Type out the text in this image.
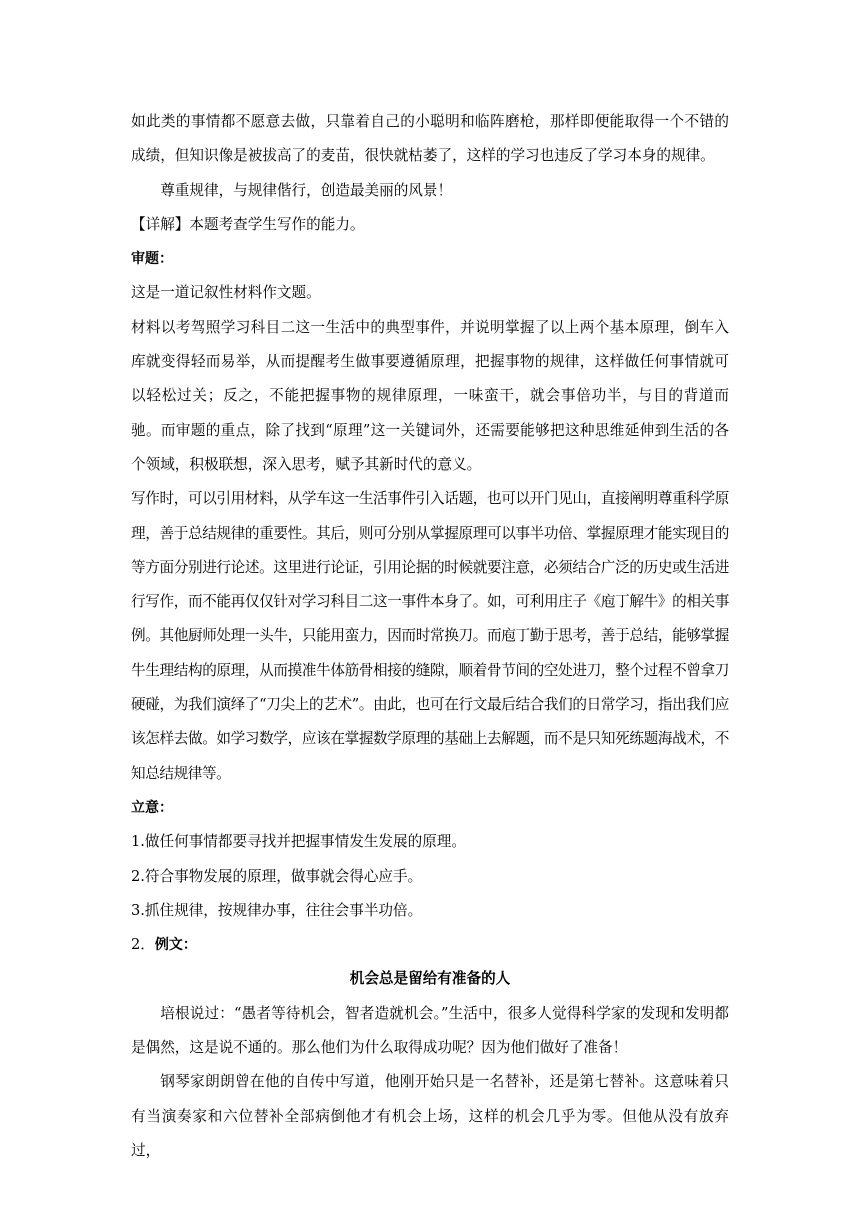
如此类的事情都不愿意去做，只靠着自己的小聪明和临阵磨枪，那样即便能取得一个不错的成绩，但知识像是被拔高了的麦苗，很快就枯萎了，这样的学习也违反了学习本身的规律。

尊重规律，与规律偕行，创造最美丽的风景！

【详解】本题考查学生写作的能力。

审题：

这是一道记叙性材料作文题。

材料以考驾照学习科目二这一生活中的典型事件，并说明掌握了以上两个基本原理，倒车入库就变得轻而易举，从而提醒考生做事要遵循原理，把握事物的规律，这样做任何事情就可以轻松过关；反之，不能把握事物的规律原理，一味蛮干，就会事倍功半，与目的背道而驰。而审题的重点，除了找到“原理”这一关键词外，还需要能够把这种思维延伸到生活的各个领域，积极联想，深入思考，赋予其新时代的意义。

写作时，可以引用材料，从学车这一生活事件引入话题，也可以开门见山，直接阐明尊重科学原理，善于总结规律的重要性。其后，则可分别从掌握原理可以事半功倍、掌握原理才能实现目的等方面分别进行论述。这里进行论证，引用论据的时候就要注意，必须结合广泛的历史或生活进行写作，而不能再仅仅针对学习科目二这一事件本身了。如，可利用庄子《庖丁解牛》的相关事例。其他厨师处理一头牛，只能用蛮力，因而时常换刀。而庖丁勤于思考，善于总结，能够掌握牛生理结构的原理，从而摸准牛体筋骨相接的缝隙，顺着骨节间的空处进刀，整个过程不曾拿刀硬碰，为我们演绎了“刀尖上的艺术”。由此，也可在行文最后结合我们的日常学习，指出我们应该怎样去做。如学习数学，应该在掌握数学原理的基础上去解题，而不是只知死练题海战术，不知总结规律等。

立意：

1.做任何事情都要寻找并把握事情发生发展的原理。

2.符合事物发展的原理，做事就会得心应手。

3.抓住规律，按规律办事，往往会事半功倍。

2．例文：

机会总是留给有准备的人

培根说过：“愚者等待机会，智者造就机会。”生活中，很多人觉得科学家的发现和发明都是偶然，这是说不通的。那么他们为什么取得成功呢？因为他们做好了准备！

钢琴家朗朗曾在他的自传中写道，他刚开始只是一名替补，还是第七替补。这意味着只有当演奏家和六位替补全部病倒他才有机会上场，这样的机会几乎为零。但他从没有放弃过，
